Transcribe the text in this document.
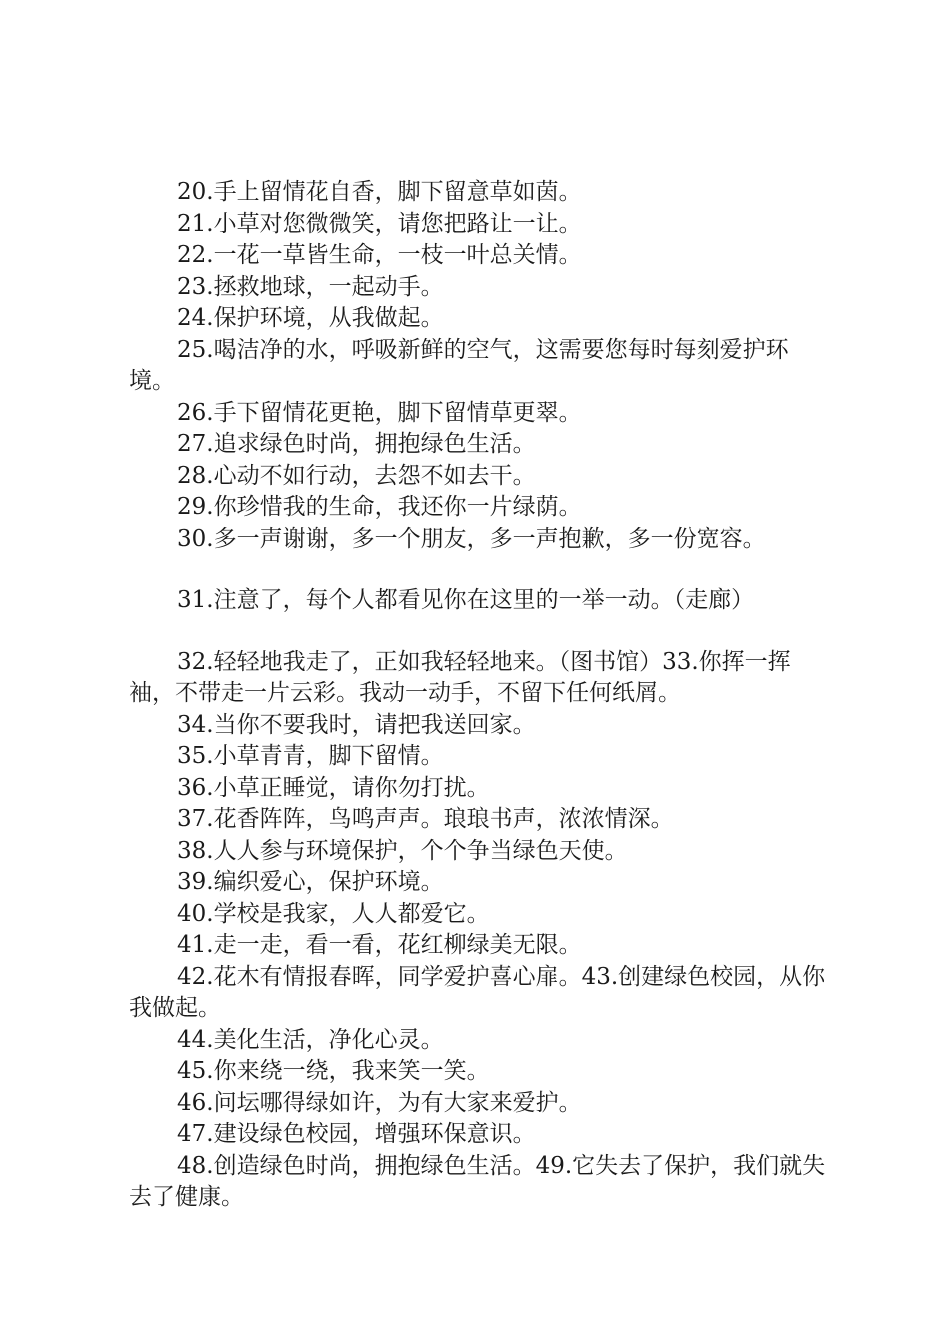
20.手上留情花自香，脚下留意草如茵。

21.小草对您微微笑，请您把路让一让。

22.一花一草皆生命，一枝一叶总关情。

23.拯救地球，一起动手。

24.保护环境，从我做起。

25.喝洁净的水，呼吸新鲜的空气，这需要您每时每刻爱护环境。

26.手下留情花更艳，脚下留情草更翠。

27.追求绿色时尚，拥抱绿色生活。

28.心动不如行动，去怨不如去干。

29.你珍惜我的生命，我还你一片绿荫。

30.多一声谢谢，多一个朋友，多一声抱歉，多一份宽容。

31.注意了，每个人都看见你在这里的一举一动。（走廊）

32.轻轻地我走了，正如我轻轻地来。（图书馆）33.你挥一挥袖，不带走一片云彩。我动一动手，不留下任何纸屑。

34.当你不要我时，请把我送回家。

35.小草青青，脚下留情。

36.小草正睡觉，请你勿打扰。

37.花香阵阵，鸟鸣声声。琅琅书声，浓浓情深。

38.人人参与环境保护，个个争当绿色天使。

39.编织爱心，保护环境。

40.学校是我家，人人都爱它。

41.走一走，看一看，花红柳绿美无限。

42.花木有情报春晖，同学爱护喜心扉。43.创建绿色校园，从你我做起。

44.美化生活，净化心灵。

45.你来绕一绕，我来笑一笑。

46.问坛哪得绿如许，为有大家来爱护。

47.建设绿色校园，增强环保意识。

48.创造绿色时尚，拥抱绿色生活。49.它失去了保护，我们就失去了健康。
